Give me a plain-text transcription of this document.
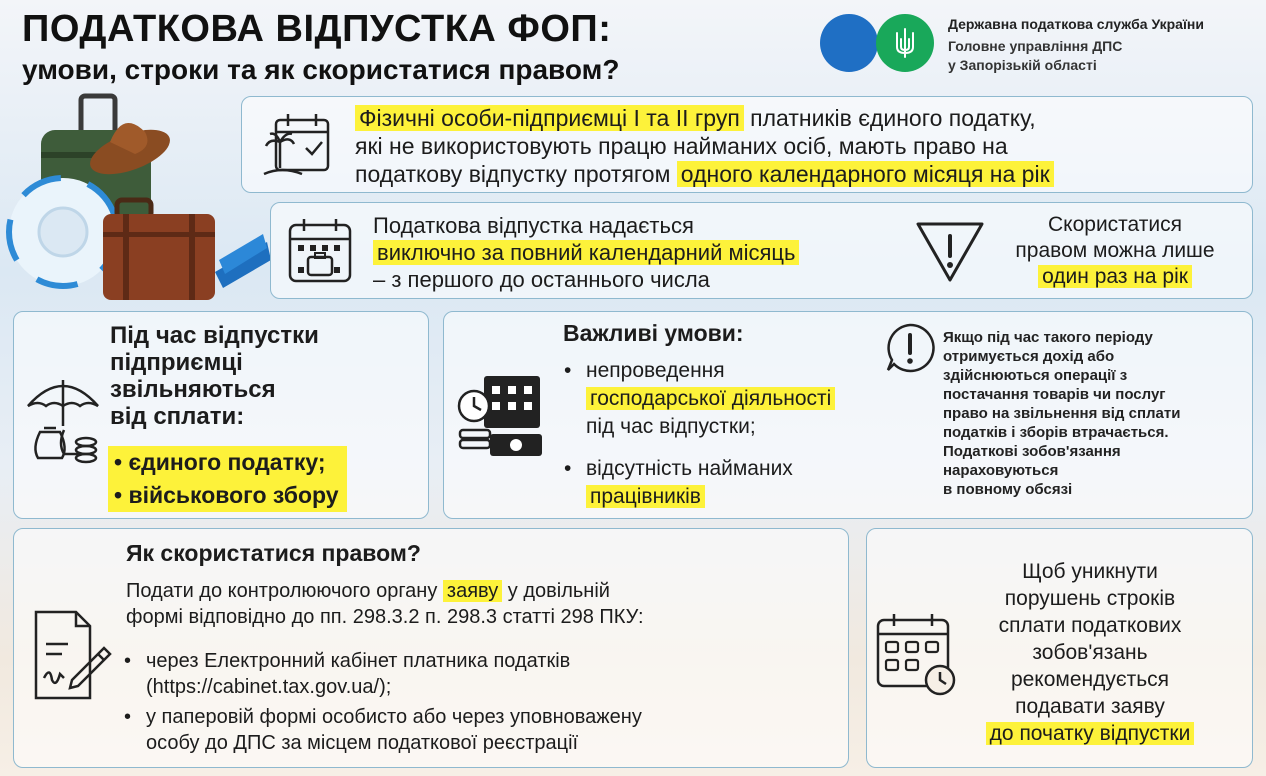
ПОДАТКОВА ВІДПУСТКА ФОП:
умови, строки та як скористатися правом?
Державна податкова служба України
Головне управління ДПС
у Запорізькій області
Фізичні особи-підприємці І та ІІ груп платників єдиного податку,
які не використовують працю найманих осіб, мають право на
податкову відпустку протягом одного календарного місяця на рік
Податкова відпустка надається
виключно за повний календарний місяць
– з першого до останнього числа
Скористатися
правом можна лише
один раз на рік
Під час відпустки
підприємці
звільняються
від сплати:
• єдиного податку;
• військового збору
Важливі умови:
• непроведення
господарської діяльності
під час відпустки;
• відсутність найманих
працівників
Якщо під час такого періоду
отримується дохід або
здійснюються операції з
постачання товарів чи послуг
право на звільнення від сплати
податків і зборів втрачається.
Податкові зобов'язання
нараховуються
в повному обсязі
Як скористатися правом?
Подати до контролюючого органу заяву у довільній
формі відповідно до пп. 298.3.2 п. 298.3 статті 298 ПКУ:
• через Електронний кабінет платника податків
(https://cabinet.tax.gov.ua/);
• у паперовій формі особисто або через уповноважену
особу до ДПС за місцем податкової реєстрації
Щоб уникнути
порушень строків
сплати податкових
зобов'язань
рекомендується
подавати заяву
до початку відпустки
